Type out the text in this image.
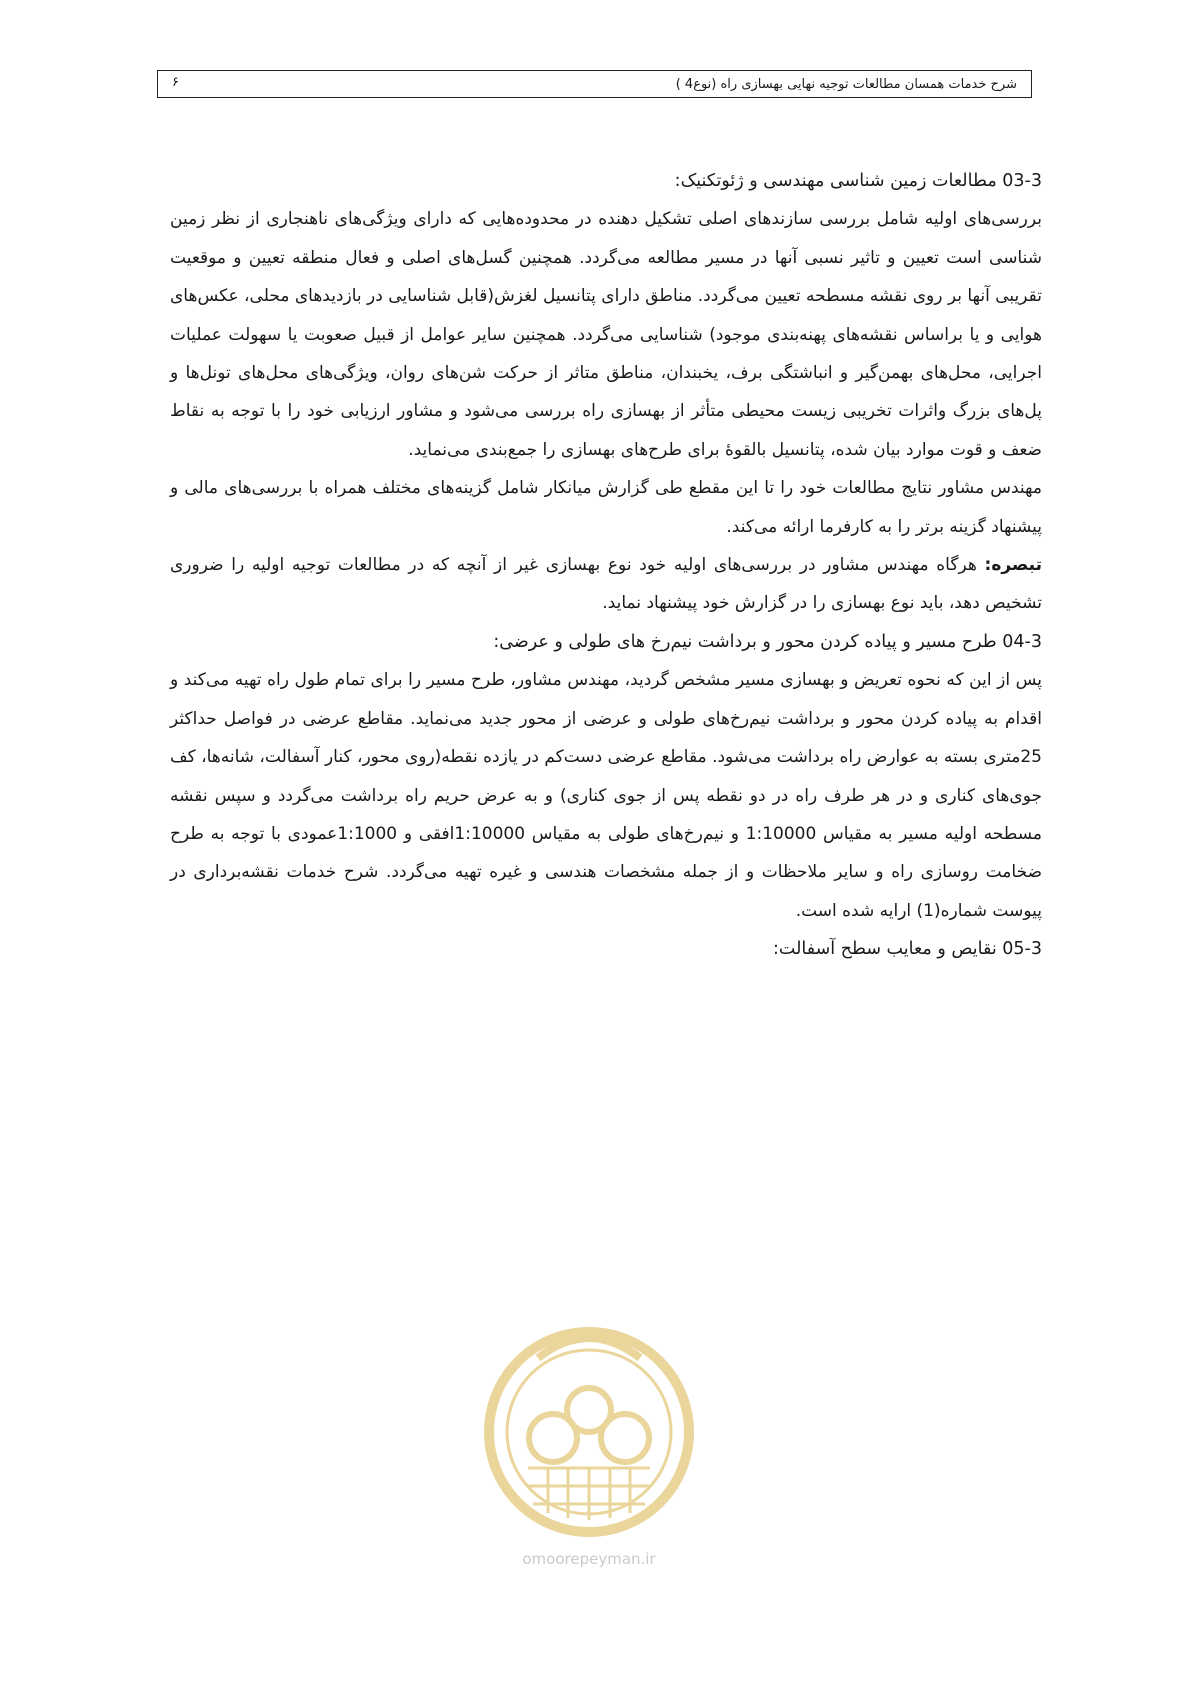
شرح خدمات همسان مطالعات توجیه نهایی بهسازی راه (نوع4 )
۶

03-3 مطالعات زمین شناسی مهندسی و ژئوتکنیک:

بررسی‌های اولیه شامل بررسی سازندهای اصلی تشکیل دهنده در محدوده‌هایی که دارای ویژگی‌های ناهنجاری از نظر زمین شناسی است تعیین و تاثیر نسبی آنها در مسیر مطالعه می‌گردد. همچنین گسل‌های اصلی و فعال منطقه تعیین و موقعیت تقریبی آنها بر روی نقشه مسطحه تعیین می‌گردد. مناطق دارای پتانسیل لغزش(قابل شناسایی در بازدیدهای محلی، عکس‌های هوایی و یا براساس نقشه‌های پهنه‌بندی موجود) شناسایی می‌گردد. همچنین سایر عوامل از قبیل صعوبت یا سهولت عملیات اجرایی، محل‌های بهمن‌گیر و انباشتگی برف، یخبندان، مناطق متاثر از حرکت شن‌های روان، ویژگی‌های محل‌های تونل‌ها و پل‌های بزرگ واثرات تخریبی زیست محیطی متأثر از بهسازی راه بررسی می‌شود و مشاور ارزیابی خود را با توجه به نقاط ضعف و قوت موارد بیان شده، پتانسیل بالقوۀ برای طرح‌های بهسازی را جمع‌بندی می‌نماید.

مهندس مشاور نتایج مطالعات خود را تا این مقطع طی گزارش میانکار شامل گزینه‌های مختلف همراه با بررسی‌های مالی و پیشنهاد گزینه برتر را به کارفرما ارائه می‌کند.

تبصره: هرگاه مهندس مشاور در بررسی‌های اولیه خود نوع بهسازی غیر از آنچه که در مطالعات توجیه اولیه را ضروری تشخیص دهد، باید نوع بهسازی را در گزارش خود پیشنهاد نماید.

04-3 طرح مسیر و پیاده کردن محور و برداشت نیم‌رخ های طولی و عرضی:

پس از این که نحوه تعریض و بهسازی مسیر مشخص گردید، مهندس مشاور، طرح مسیر را برای تمام طول راه تهیه می‌کند و اقدام به پیاده کردن محور و برداشت نیم‌رخ‌های طولی و عرضی از محور جدید می‌نماید. مقاطع عرضی در فواصل حداکثر 25متری بسته به عوارض راه برداشت می‌شود. مقاطع عرضی دست‌کم در یازده نقطه(روی محور، کنار آسفالت، شانه‌ها، کف جوی‌های کناری و در هر طرف راه در دو نقطه پس از جوی کناری) و به عرض حریم راه برداشت می‌گردد و سپس نقشه مسطحه اولیه مسیر به مقیاس 1:10000 و نیم‌رخ‌های طولی به مقیاس 1:10000افقی و 1:1000عمودی با توجه به طرح ضخامت روسازی راه و سایر ملاحظات و از جمله مشخصات هندسی و غیره تهیه می‌گردد. شرح خدمات نقشه‌برداری در پیوست شماره(1) ارایه شده است.

05-3 نقایص و معایب سطح آسفالت:

omoorepeyman.ir
